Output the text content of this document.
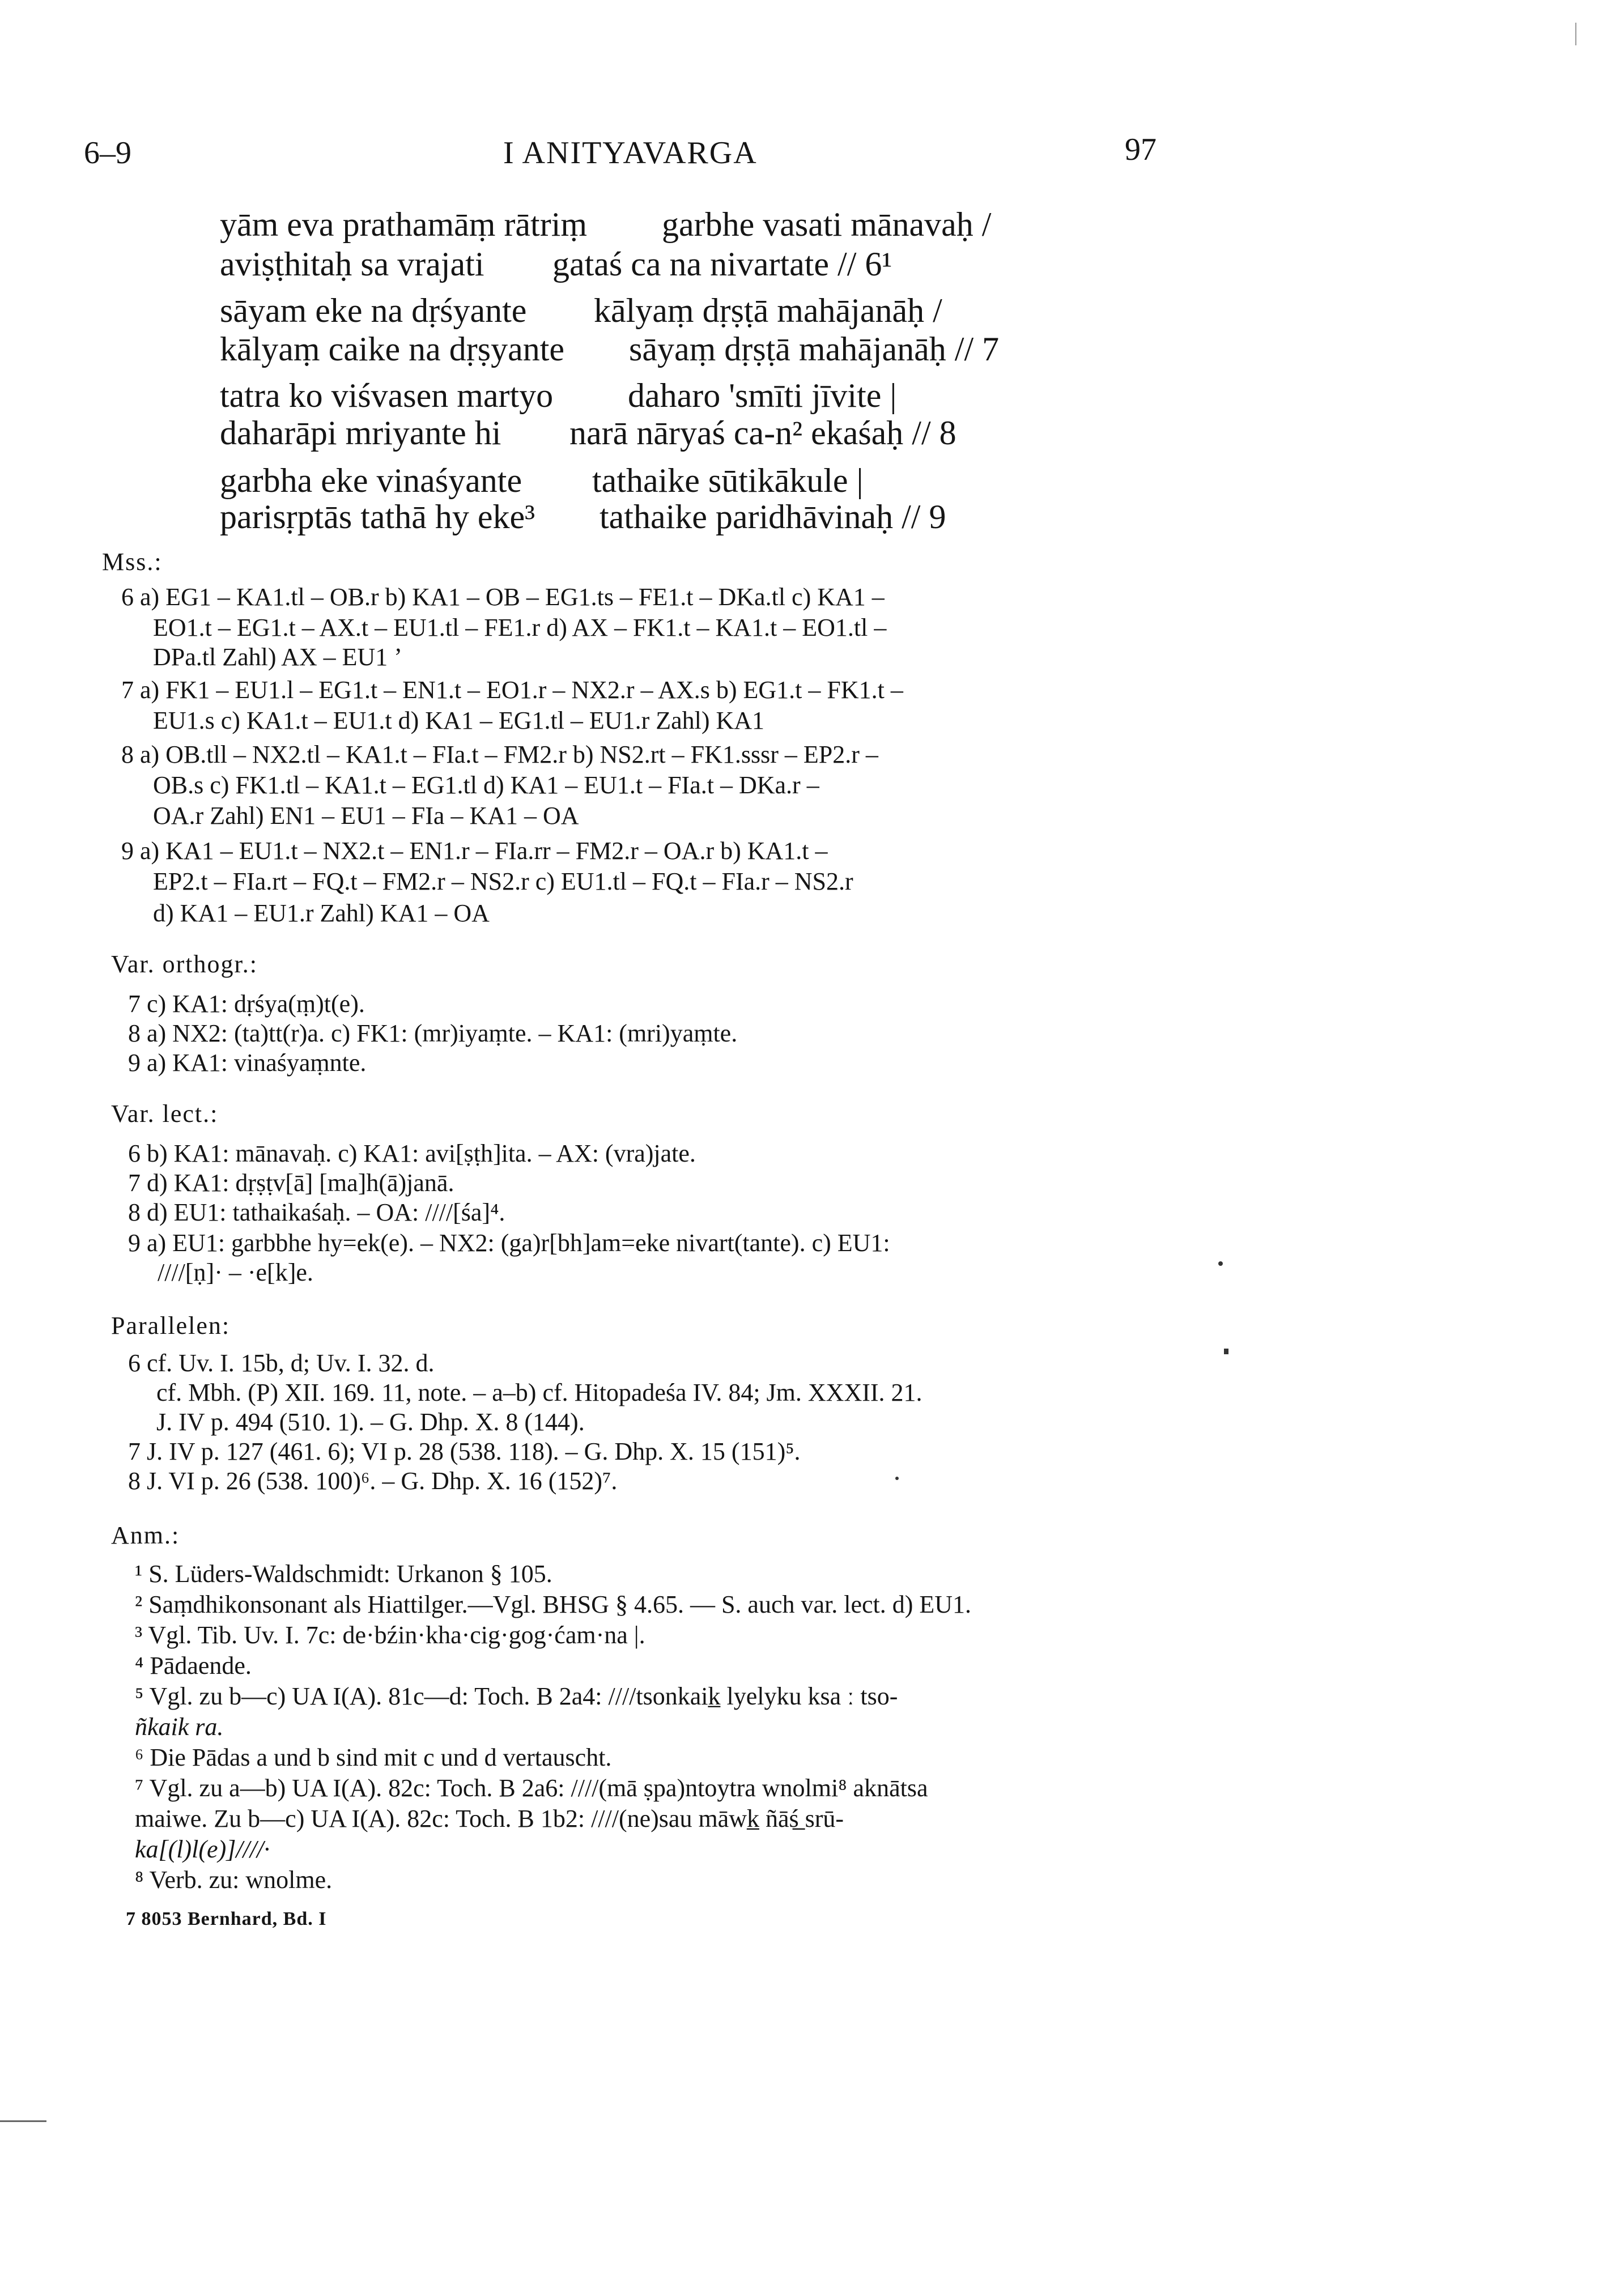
6–9	I ANITYAVARGA	97
yām eva prathamāṃ rātriṃ garbhe vasati mānavaḥ /
aviṣṭhitaḥ sa vrajati gataś ca na nivartate // 6¹
sāyam eke na dṛśyante kālyaṃ dṛṣṭā mahājanāḥ /
kālyaṃ caike na dṛṣyante sāyaṃ dṛṣṭā mahājanāḥ // 7
tatra ko viśvasen martyo daharo 'smīti jīvite |
daharāpi mriyante hi narā nāryaś ca-n² ekaśaḥ // 8
garbha eke vinaśyante tathaike sūtikākule |
parisṛptās tathā hy eke³ tathaike paridhāvinaḥ // 9
Mss.:
6 a) EG1 – KA1.tl – OB.r b) KA1 – OB – EG1.ts – FE1.t – DKa.tl c) KA1 –
EO1.t – EG1.t – AX.t – EU1.tl – FE1.r d) AX – FK1.t – KA1.t – EO1.tl –
DPa.tl Zahl) AX – EU1 ʼ
7 a) FK1 – EU1.l – EG1.t – EN1.t – EO1.r – NX2.r – AX.s b) EG1.t – FK1.t –
EU1.s c) KA1.t – EU1.t d) KA1 – EG1.tl – EU1.r Zahl) KA1
8 a) OB.tll – NX2.tl – KA1.t – FIa.t – FM2.r b) NS2.rt – FK1.sssr – EP2.r –
OB.s c) FK1.tl – KA1.t – EG1.tl d) KA1 – EU1.t – FIa.t – DKa.r –
OA.r Zahl) EN1 – EU1 – FIa – KA1 – OA
9 a) KA1 – EU1.t – NX2.t – EN1.r – FIa.rr – FM2.r – OA.r b) KA1.t –
EP2.t – FIa.rt – FQ.t – FM2.r – NS2.r c) EU1.tl – FQ.t – FIa.r – NS2.r
d) KA1 – EU1.r Zahl) KA1 – OA
Var. orthogr.:
7 c) KA1: dṛśya(ṃ)t(e).
8 a) NX2: (ta)tt(r)a. c) FK1: (mr)iyaṃte. – KA1: (mri)yaṃte.
9 a) KA1: vinaśyaṃnte.
Var. lect.:
6 b) KA1: mānavaḥ. c) KA1: avi[ṣṭh]ita. – AX: (vra)jate.
7 d) KA1: dṛṣṭv[ā] [ma]h(ā)janā.
8 d) EU1: tathaikaśaḥ. – OA: ////[śa]⁴.
9 a) EU1: garbbhe hy=ek(e). – NX2: (ga)r[bh]am=eke nivart(tante). c) EU1:
////[ṇ]· – ·e[k]e.
Parallelen:
6 cf. Uv. I. 15b, d; Uv. I. 32. d.
cf. Mbh. (P) XII. 169. 11, note. – a–b) cf. Hitopadeśa IV. 84; Jm. XXXII. 21.
J. IV p. 494 (510. 1). – G. Dhp. X. 8 (144).
7 J. IV p. 127 (461. 6); VI p. 28 (538. 118). – G. Dhp. X. 15 (151)⁵.
8 J. VI p. 26 (538. 100)⁶. – G. Dhp. X. 16 (152)⁷.
Anm.:
¹ S. Lüders-Waldschmidt: Urkanon § 105.
² Saṃdhikonsonant als Hiattilger.—Vgl. BHSG § 4.65. — S. auch var. lect. d) EU1.
³ Vgl. Tib. Uv. I. 7c: de·bźin·kha·cig·gog·ćam·na |.
⁴ Pādaende.
⁵ Vgl. zu b—c) UA I(A). 81c—d: Toch. B 2a4: ////tsonkaik̲ lyelyku ksa ː tso-
ñkaik ra.
⁶ Die Pādas a und b sind mit c und d vertauscht.
⁷ Vgl. zu a—b) UA I(A). 82c: Toch. B 2a6: ////(mā ṣpa)ntoytra wnolmi⁸ aknātsa
maiwe. Zu b—c) UA I(A). 82c: Toch. B 1b2: ////(ne)sau māwk̲ ñāś̲ srū-
ka[(l)l(e)]////·
⁸ Verb. zu: wnolme.
7 8053 Bernhard, Bd. I
